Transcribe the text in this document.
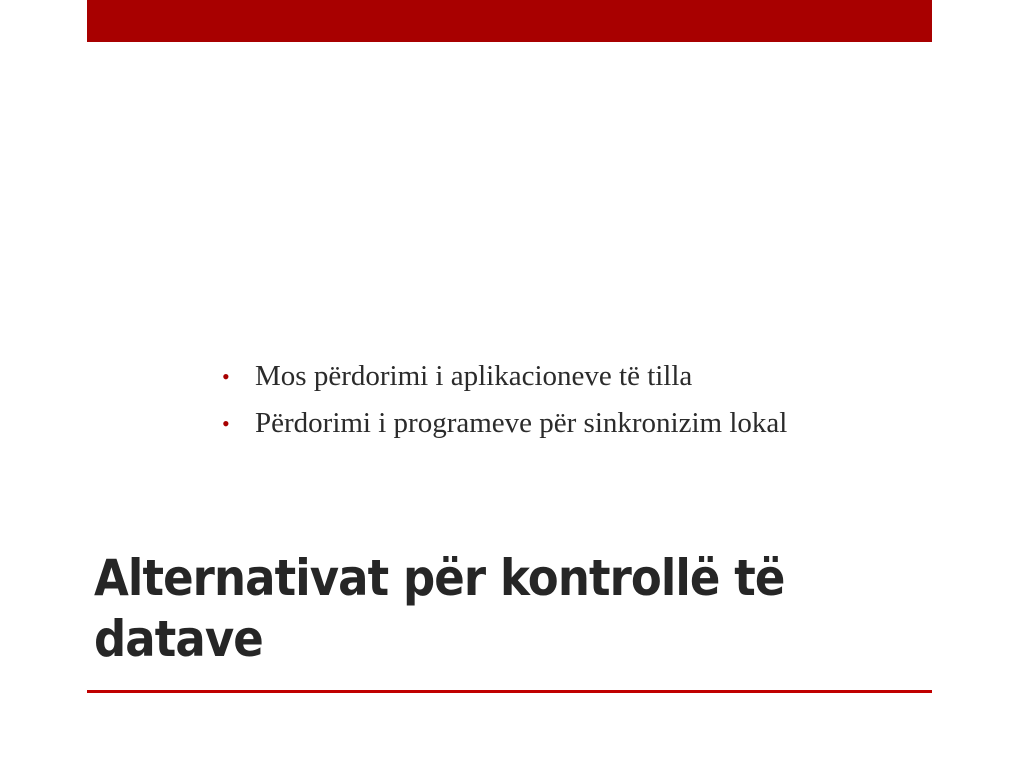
• Mos përdorimi i aplikacioneve të tilla
• Përdorimi i programeve për sinkronizim lokal
Alternativat për kontrollë të datave
